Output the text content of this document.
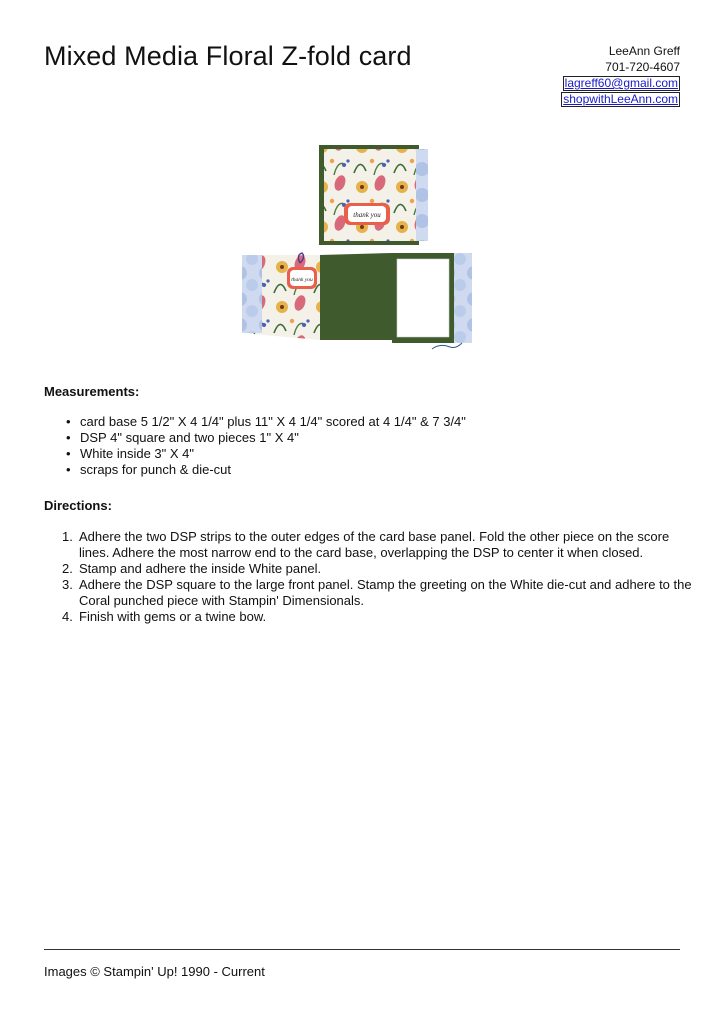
Mixed Media Floral Z-fold card	LeeAnn Greff
701-720-4607
lagreff60@gmail.com
shopwithLeeAnn.com
thank you
thank you
Measurements:
• card base 5 1/2" X 4 1/4" plus 11" X 4 1/4" scored at 4 1/4" & 7 3/4"
• DSP 4" square and two pieces 1" X 4"
• White inside 3" X 4"
• scraps for punch & die-cut
Directions:
1. Adhere the two DSP strips to the outer edges of the card base panel. Fold the other piece on the score lines. Adhere the most narrow end to the card base, overlapping the DSP to center it when closed.
2. Stamp and adhere the inside White panel.
3. Adhere the DSP square to the large front panel. Stamp the greeting on the White die-cut and adhere to the Coral punched piece with Stampin' Dimensionals.
4. Finish with gems or a twine bow.
Images © Stampin' Up! 1990 - Current
